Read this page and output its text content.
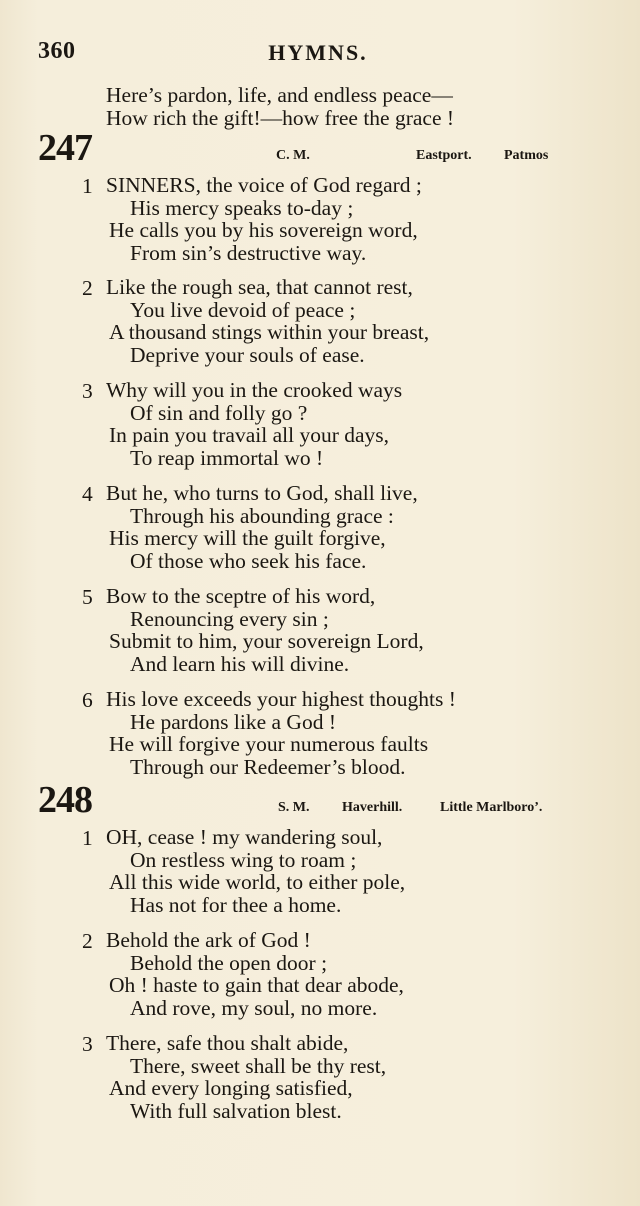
360	HYMNS.
Here’s pardon, life, and endless peace—
How rich the gift!—how free the grace !
247	C. M.	Eastport. Patmos
1 SINNERS, the voice of God regard ;
His mercy speaks to-day ;
He calls you by his sovereign word,
From sin’s destructive way.
2 Like the rough sea, that cannot rest,
You live devoid of peace ;
A thousand stings within your breast,
Deprive your souls of ease.
3 Why will you in the crooked ways
Of sin and folly go ?
In pain you travail all your days,
To reap immortal wo !
4 But he, who turns to God, shall live,
Through his abounding grace :
His mercy will the guilt forgive,
Of those who seek his face.
5 Bow to the sceptre of his word,
Renouncing every sin ;
Submit to him, your sovereign Lord,
And learn his will divine.
6 His love exceeds your highest thoughts !
He pardons like a God !
He will forgive your numerous faults
Through our Redeemer’s blood.
248	S. M. Haverhill.	Little Marlboro’.
1 OH, cease ! my wandering soul,
On restless wing to roam ;
All this wide world, to either pole,
Has not for thee a home.
2 Behold the ark of God !
Behold the open door ;
Oh ! haste to gain that dear abode,
And rove, my soul, no more.
3 There, safe thou shalt abide,
There, sweet shall be thy rest,
And every longing satisfied,
With full salvation blest.
